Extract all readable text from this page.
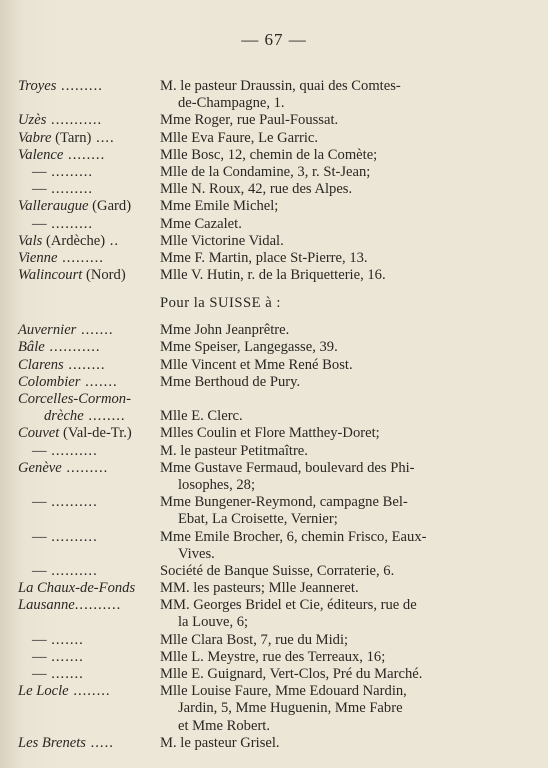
— 67 —
Troyes .........	M. le pasteur Draussin, quai des Comtes-
de-Champagne, 1.
Uzès ...........	Mme Roger, rue Paul-Foussat.
Vabre (Tarn) ....	Mlle Eva Faure, Le Garric.
Valence ........	Mlle Bosc, 12, chemin de la Comète;
— .........	Mlle de la Condamine, 3, r. St-Jean;
— .........	Mlle N. Roux, 42, rue des Alpes.
Valleraugue (Gard) Mme Emile Michel;
— .........	Mme Cazalet.
Vals (Ardèche) ..	Mlle Victorine Vidal.
Vienne .........	Mme F. Martin, place St-Pierre, 13.
Walincourt (Nord) Mlle V. Hutin, r. de la Briquetterie, 16.
Pour la SUISSE à :
Auvernier .......	Mme John Jeanprêtre.
Bâle ...........	Mme Speiser, Langegasse, 39.
Clarens ........	Mlle Vincent et Mme René Bost.
Colombier .......	Mme Berthoud de Pury.
Corcelles-Cormon-
drèche ........ Mlle E. Clerc.
Couvet (Val-de-Tr.) Mlles Coulin et Flore Matthey-Doret;
— ..........	M. le pasteur Petitmaître.
Genève .........	Mme Gustave Fermaud, boulevard des Phi-
losophes, 28;
— ..........	Mme Bungener-Reymond, campagne Bel-
Ebat, La Croisette, Vernier;
— ..........	Mme Emile Brocher, 6, chemin Frisco, Eaux-
Vives.
— ..........	Société de Banque Suisse, Corraterie, 6.
La Chaux-de-Fonds MM. les pasteurs; Mlle Jeanneret.
Lausanne..........	MM. Georges Bridel et Cie, éditeurs, rue de
la Louve, 6;
— .......	Mlle Clara Bost, 7, rue du Midi;
— .......	Mlle L. Meystre, rue des Terreaux, 16;
— .......	Mlle E. Guignard, Vert-Clos, Pré du Marché.
Le Locle ........	Mlle Louise Faure, Mme Edouard Nardin,
Jardin, 5, Mme Huguenin, Mme Fabre
et Mme Robert.
Les Brenets .....	M. le pasteur Grisel.
